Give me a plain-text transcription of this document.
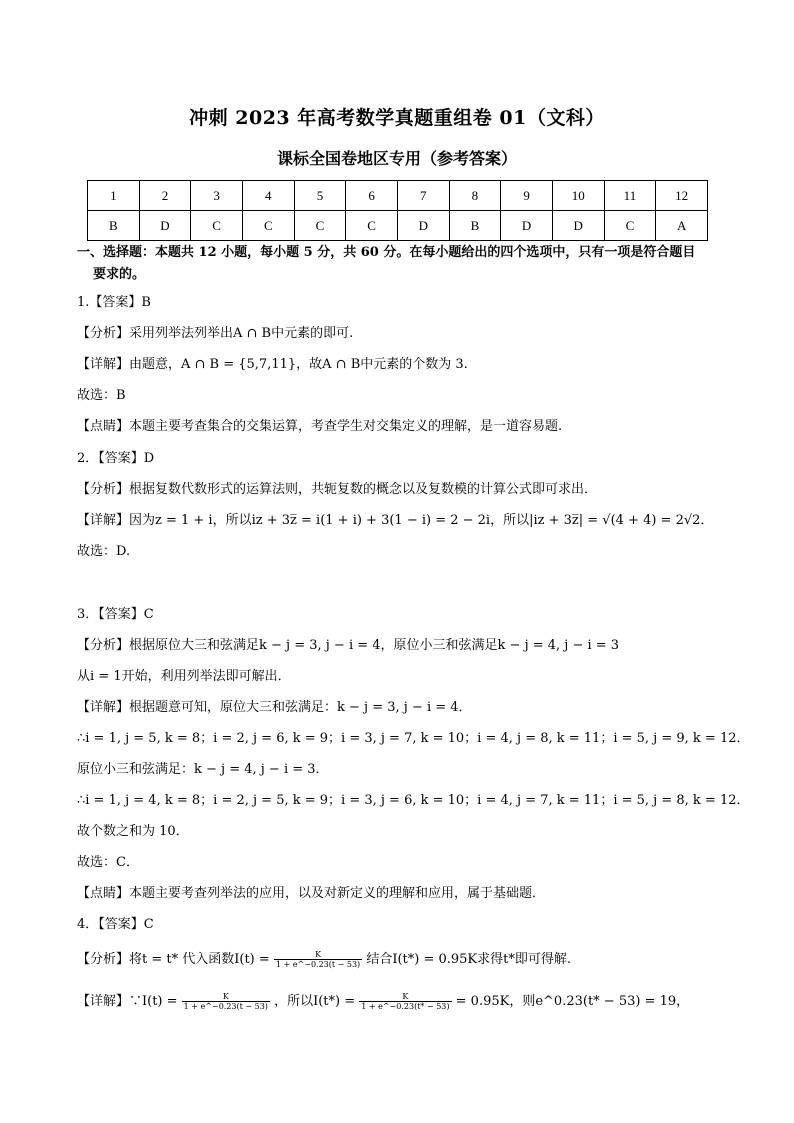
冲刺 2023 年高考数学真题重组卷 01（文科）
课标全国卷地区专用（参考答案）
1	2	3	4	5	6	7	8	9	10	11	12
B	D	C	C	C	C	D	B	D	D	C	A
一、选择题：本题共 12 小题，每小题 5 分，共 60 分。在每小题给出的四个选项中，只有一项是符合题目
要求的。
1.【答案】B
【分析】采用列举法列举出A ∩ B中元素的即可.
【详解】由题意，A ∩ B = {5,7,11}，故A ∩ B中元素的个数为 3.
故选：B
【点睛】本题主要考查集合的交集运算，考查学生对交集定义的理解，是一道容易题.
2．【答案】D
【分析】根据复数代数形式的运算法则，共轭复数的概念以及复数模的计算公式即可求出．
【详解】因为z = 1 + i，所以iz + 3z̅ = i(1 + i) + 3(1 − i) = 2 − 2i，所以|iz + 3z̅| = √(4 + 4) = 2√2．
故选：D.
3．【答案】C
【分析】根据原位大三和弦满足k − j = 3, j − i = 4，原位小三和弦满足k − j = 4, j − i = 3
从i = 1开始，利用列举法即可解出．
【详解】根据题意可知，原位大三和弦满足：k − j = 3, j − i = 4．
∴i = 1, j = 5, k = 8；i = 2, j = 6, k = 9；i = 3, j = 7, k = 10；i = 4, j = 8, k = 11；i = 5, j = 9, k = 12．
原位小三和弦满足：k − j = 4, j − i = 3．
∴i = 1, j = 4, k = 8；i = 2, j = 5, k = 9；i = 3, j = 6, k = 10；i = 4, j = 7, k = 11；i = 5, j = 8, k = 12．
故个数之和为 10．
故选：C．
【点睛】本题主要考查列举法的应用，以及对新定义的理解和应用，属于基础题．
4．【答案】C
【分析】将t = t* 代入函数$I(t) = \frac{K}{1 + e\^{}-0.23(t - 53)}$ 结合I(t*) = 0.95K求得t*即可得解.
【详解】∵I(t) = $\frac{K}{1 + e\^{}-0.23(t - 53)}$ ，所以$I(t*) = \frac{K}{1 + e\^{}-0.23(t* - 53)} = 0.95K$，则e^0.23(t* − 53) = 19，
